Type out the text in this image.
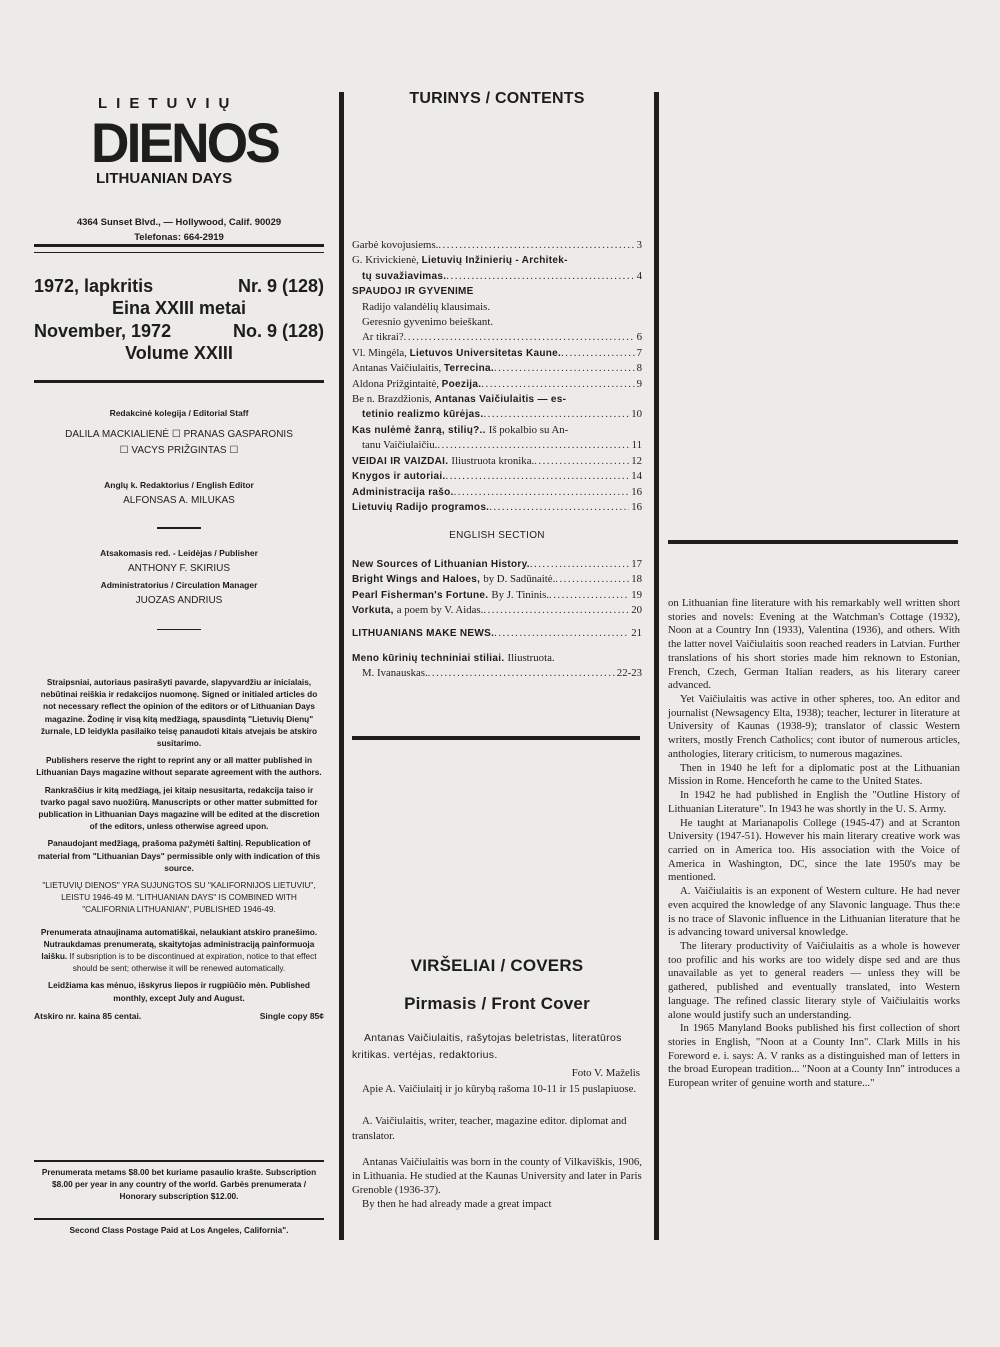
LIETUVIŲ
DIENOS
LITHUANIAN DAYS
4364 Sunset Blvd., — Hollywood, Calif. 90029
Telefonas: 664-2919
1972, lapkritis	Nr. 9 (128)
Eina XXIII metai
November, 1972	No. 9 (128)
Volume XXIII
Redakcinė kolegija / Editorial Staff
DALILA MACKIALIENĖ ☐ PRANAS GASPARONIS
☐ VACYS PRIŽGINTAS ☐
Anglų k. Redaktorius / English Editor
ALFONSAS A. MILUKAS
Atsakomasis red. - Leidėjas / Publisher
ANTHONY F. SKIRIUS
Administratorius / Circulation Manager
JUOZAS ANDRIUS

Straipsniai, autoriaus pasirašyti pavarde, slapyvardžiu ar inicialais, nebūtinai reiškia ir redakcijos nuomonę. Signed or initialed articles do not necessary reflect the opinion of the editors or of Lithuanian Days magazine. Žodinę ir visą kitą medžiagą, spausdintą "Lietuvių Dienų" žurnale, LD leidykla pasilaiko teisę panaudoti kitais atvejais be atskiro susitarimo.

Publishers reserve the right to reprint any or all matter published in Lithuanian Days magazine without separate agreement with the authors.

Rankraščius ir kitą medžiagą, jei kitaip nesusitarta, redakcija taiso ir tvarko pagal savo nuožiūrą. Manuscripts or other matter submitted for publication in Lithuanian Days magazine will be edited at the discretion of the editors, unless otherwise agreed upon.

Panaudojant medžiagą, prašoma pažymėti šaltinį. Republication of material from "Lithuanian Days" permissible only with indication of this source.

"LIETUVIŲ DIENOS" YRA SUJUNGTOS SU "KALIFORNIJOS LIETUVIU", LEISTU 1946-49 M. "LITHUANIAN DAYS" IS COMBINED WITH "CALIFORNIA LITHUANIAN", PUBLISHED 1946-49.

Prenumerata atnaujinama automatiškai, nelaukiant atskiro pranešimo. Nutraukdamas prenumeratą, skaitytojas administraciją painformuoja laišku. If subsription is to be discontinued at expiration, notice to that effect should be sent; otherwise it will be renewed automatically.

Leidžiama kas mėnuo, išskyrus liepos ir rugpiūčio mėn. Published monthly, except July and August.

Atskiro nr. kaina 85 centai.	Single copy 85¢

Prenumerata metams $8.00 bet kuriame pasaulio krašte. Subscription $8.00 per year in any country of the world. Garbės prenumerata / Honorary subscription $12.00.

Second Class Postage Paid at Los Angeles, California".

TURINYS / CONTENTS
Garbė kovojusiems. .....	3
G. Krivickienė, Lietuvių Inžinierių - Architek-
tų suvažiavimas. .....	4
SPAUDOJ IR GYVENIME
Radijo valandėlių klausimais.
Geresnio gyvenimo beieškant.
Ar tikrai? .....	6
Vl. Mingėla, Lietuvos Universitetas Kaune. .....	7
Antanas Vaičiulaitis, Terrecina. .....	8
Aldona Prižgintaitė, Poezija. .....	9
Be n. Brazdžionis, Antanas Vaičiulaitis — es-
tetinio realizmo kūrėjas. .....	10
Kas nulėmė žanrą, stilių?.. Iš pokalbio su An-
tanu Vaičiulaičiu. .....	11
VEIDAI IR VAIZDAI. Iliustruota kronika. .....	12
Knygos ir autoriai. .....	14
Administracija rašo. .....	16
Lietuvių Radijo programos. .....	16
ENGLISH SECTION
New Sources of Lithuanian History. .....	17
Bright Wings and Haloes, by D. Sadūnaitė. .....	18
Pearl Fisherman's Fortune. By J. Tininis. .....	19
Vorkuta, a poem by V. Aidas. .....	20
LITHUANIANS MAKE NEWS. .....	21
Meno kūrinių techniniai stiliai. Iliustruota.
M. Ivanauskas. .....	22-23
VIRŠELIAI / COVERS
Pirmasis / Front Cover
Antanas Vaičiulaitis, rašytojas beletristas, literatūros kritikas. vertėjas, redaktorius.
Foto V. Maželis
Apie A. Vaičiulaitį ir jo kūrybą rašoma 10-11 ir 15 puslapiuose.
A. Vaičiulaitis, writer, teacher, magazine editor. diplomat and translator.
Antanas Vaičiulaitis was born in the county of Vilkaviškis, 1906, in Lithuania. He studied at the Kaunas University and later in Paris Grenoble (1936-37).
By then he had already made a great impact

on Lithuanian fine literature with his remarkably well written short stories and novels: Evening at the Watchman's Cottage (1932), Noon at a Country Inn (1933), Valentina (1936), and others. With the latter novel Vaičiulaitis soon reached readers in Latvian. Further translations of his short stories made him reknown to Estonian, French, Czech, German Italian readers, as his literary career advanced.

Yet Vaičiulaitis was active in other spheres, too. An editor and journalist (Newsagency Elta, 1938); teacher, lecturer in literature at University of Kaunas (1938-9); translator of classic Western writers, mostly French Catholics; cont ibutor of numerous articles, anthologies, literary criticism, to numerous magazines.

Then in 1940 he left for a diplomatic post at the Lithuanian Mission in Rome. Henceforth he came to the United States.

In 1942 he had published in English the "Outline History of Lithuanian Literature". In 1943 he was shortly in the U. S. Army.

He taught at Marianapolis College (1945-47) and at Scranton University (1947-51). However his main literary creative work was carried on in America too. His association with the Voice of America in Washington, DC, since the late 1950's may be mentioned.

A. Vaičiulaitis is an exponent of Western culture. He had never even acquired the knowledge of any Slavonic language. Thus the:e is no trace of Slavonic influence in the Lithuanian literature that he is advancing toward universal knowledge.

The literary productivity of Vaičiulaitis as a whole is however too profilic and his works are too widely dispe sed and are thus unavailable as yet to general readers — unless they will be gathered, published and eventually translated, into Western language. The refined classic literary style of Vaičiulaitis works alone would justify such an understanding.

In 1965 Manyland Books published his first collection of short stories in English, "Noon at a County Inn". Clark Mills in his Foreword e. i. says: A. V ranks as a distinguished man of letters in the broad European tradition... "Noon at a County Inn" introduces a European writer of genuine worth and stature..."
